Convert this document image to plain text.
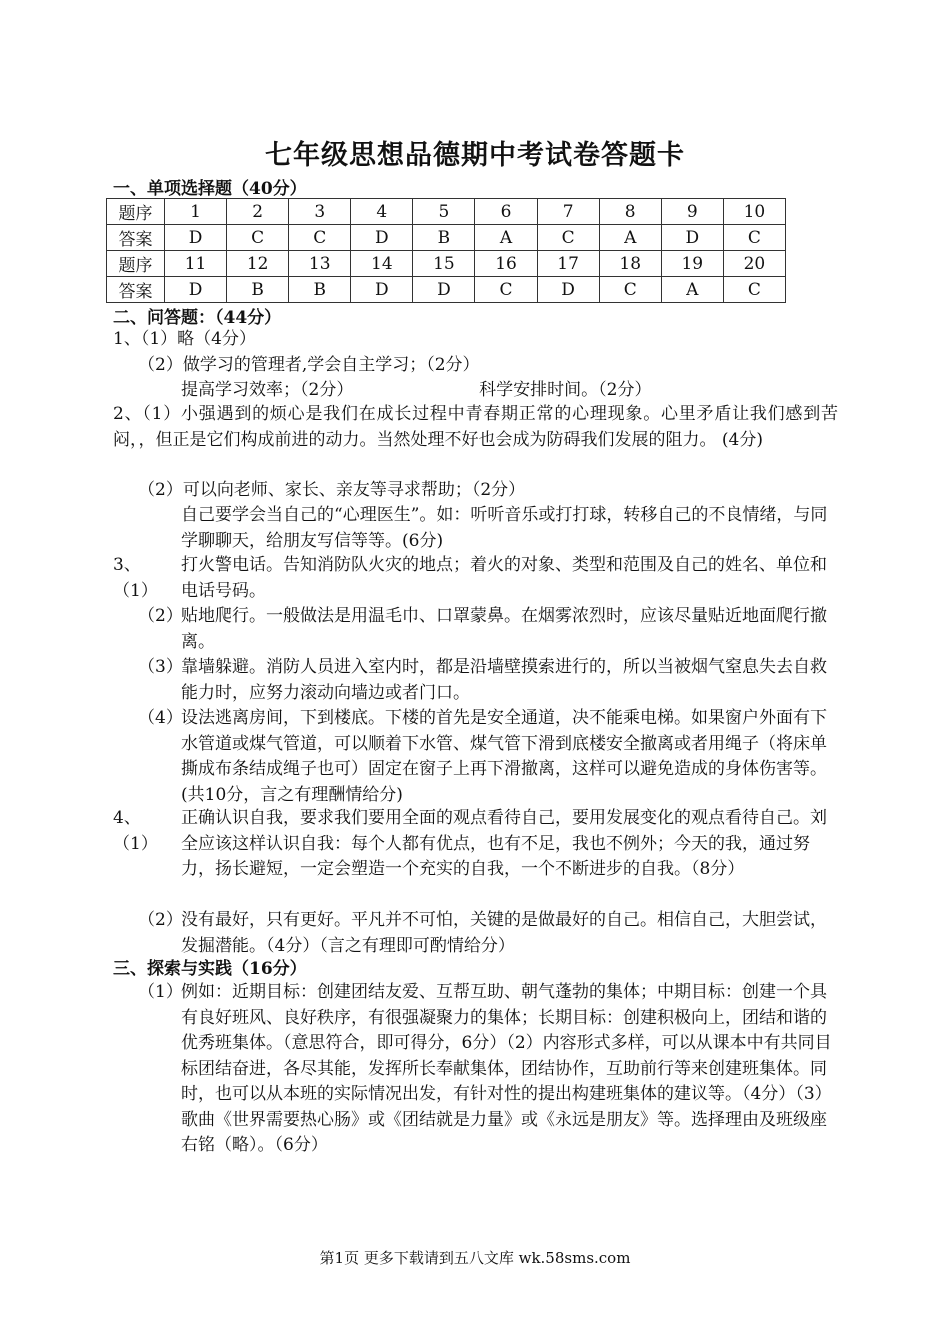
七年级思想品德期中考试卷答题卡
一、单项选择题（40分）
题序	1	2	3	4	5	6	7	8	9	10
答案	D	C	C	D	B	A	C	A	D	C
题序	11	12	13	14	15	16	17	18	19	20
答案	D	B	B	D	D	C	D	C	A	C
二、问答题：（44分）
1、（1）略（4分）
（2）做学习的管理者,学会自主学习；（2分）
提高学习效率；（2分）	科学安排时间。（2分）
2、（1）小强遇到的烦心是我们在成长过程中青春期正常的心理现象。心里矛盾让我们感到苦闷，，但正是它们构成前进的动力。当然处理不好也会成为防碍我们发展的阻力。 (4分)
（2）可以向老师、家长、亲友等寻求帮助；（2分）
自己要学会当自己的“心理医生”。如：听听音乐或打打球，转移自己的不良情绪，与同学聊聊天，给朋友写信等等。(6分)
3、（1）
打火警电话。告知消防队火灾的地点；着火的对象、类型和范围及自己的姓名、单位和电话号码。
（2）
贴地爬行。一般做法是用温毛巾、口罩蒙鼻。在烟雾浓烈时，应该尽量贴近地面爬行撤离。
（3）
靠墙躲避。消防人员进入室内时，都是沿墙壁摸索进行的，所以当被烟气窒息失去自救能力时，应努力滚动向墙边或者门口。
（4）
设法逃离房间，下到楼底。下楼的首先是安全通道，决不能乘电梯。如果窗户外面有下水管道或煤气管道，可以顺着下水管、煤气管下滑到底楼安全撤离或者用绳子（将床单撕成布条结成绳子也可）固定在窗子上再下滑撤离，这样可以避免造成的身体伤害等。(共10分，言之有理酬情给分)
4、（1）
正确认识自我，要求我们要用全面的观点看待自己，要用发展变化的观点看待自己。刘全应该这样认识自我：每个人都有优点，也有不足，我也不例外；今天的我，通过努力，扬长避短，一定会塑造一个充实的自我，一个不断进步的自我。（8分）
（2）
没有最好，只有更好。平凡并不可怕，关键的是做最好的自己。相信自己，大胆尝试，发掘潜能。（4分）（言之有理即可酌情给分）
三、探索与实践（16分）
（1）
例如：近期目标：创建团结友爱、互帮互助、朝气蓬勃的集体；中期目标：创建一个具有良好班风、良好秩序，有很强凝聚力的集体；长期目标：创建积极向上，团结和谐的优秀班集体。（意思符合，即可得分，6分）（2）内容形式多样，可以从课本中有共同目标团结奋进，各尽其能，发挥所长奉献集体，团结协作，互助前行等来创建班集体。同时，也可以从本班的实际情况出发，有针对性的提出构建班集体的建议等。（4分）（3）歌曲《世界需要热心肠》或《团结就是力量》或《永远是朋友》等。选择理由及班级座右铭（略）。（6分）
第1页 更多下载请到五八文库 wk.58sms.com
